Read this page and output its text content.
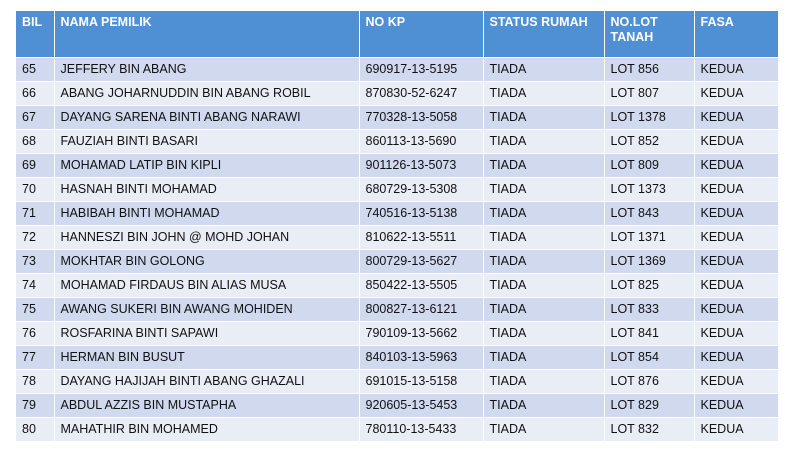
BIL	NAMA PEMILIK	NO KP	STATUS RUMAH	NO.LOT TANAH	FASA
65	JEFFERY BIN ABANG	690917-13-5195	TIADA	LOT 856	KEDUA
66	ABANG JOHARNUDDIN BIN ABANG ROBIL	870830-52-6247	TIADA	LOT 807	KEDUA
67	DAYANG SARENA BINTI ABANG NARAWI	770328-13-5058	TIADA	LOT 1378	KEDUA
68	FAUZIAH BINTI BASARI	860113-13-5690	TIADA	LOT 852	KEDUA
69	MOHAMAD LATIP BIN KIPLI	901126-13-5073	TIADA	LOT 809	KEDUA
70	HASNAH BINTI MOHAMAD	680729-13-5308	TIADA	LOT 1373	KEDUA
71	HABIBAH BINTI MOHAMAD	740516-13-5138	TIADA	LOT 843	KEDUA
72	HANNESZI BIN JOHN @ MOHD JOHAN	810622-13-5511	TIADA	LOT 1371	KEDUA
73	MOKHTAR BIN GOLONG	800729-13-5627	TIADA	LOT 1369	KEDUA
74	MOHAMAD FIRDAUS BIN ALIAS MUSA	850422-13-5505	TIADA	LOT 825	KEDUA
75	AWANG SUKERI BIN AWANG MOHIDEN	800827-13-6121	TIADA	LOT 833	KEDUA
76	ROSFARINA BINTI SAPAWI	790109-13-5662	TIADA	LOT 841	KEDUA
77	HERMAN BIN BUSUT	840103-13-5963	TIADA	LOT 854	KEDUA
78	DAYANG HAJIJAH BINTI ABANG GHAZALI	691015-13-5158	TIADA	LOT 876	KEDUA
79	ABDUL AZZIS BIN MUSTAPHA	920605-13-5453	TIADA	LOT 829	KEDUA
80	MAHATHIR BIN MOHAMED	780110-13-5433	TIADA	LOT 832	KEDUA
